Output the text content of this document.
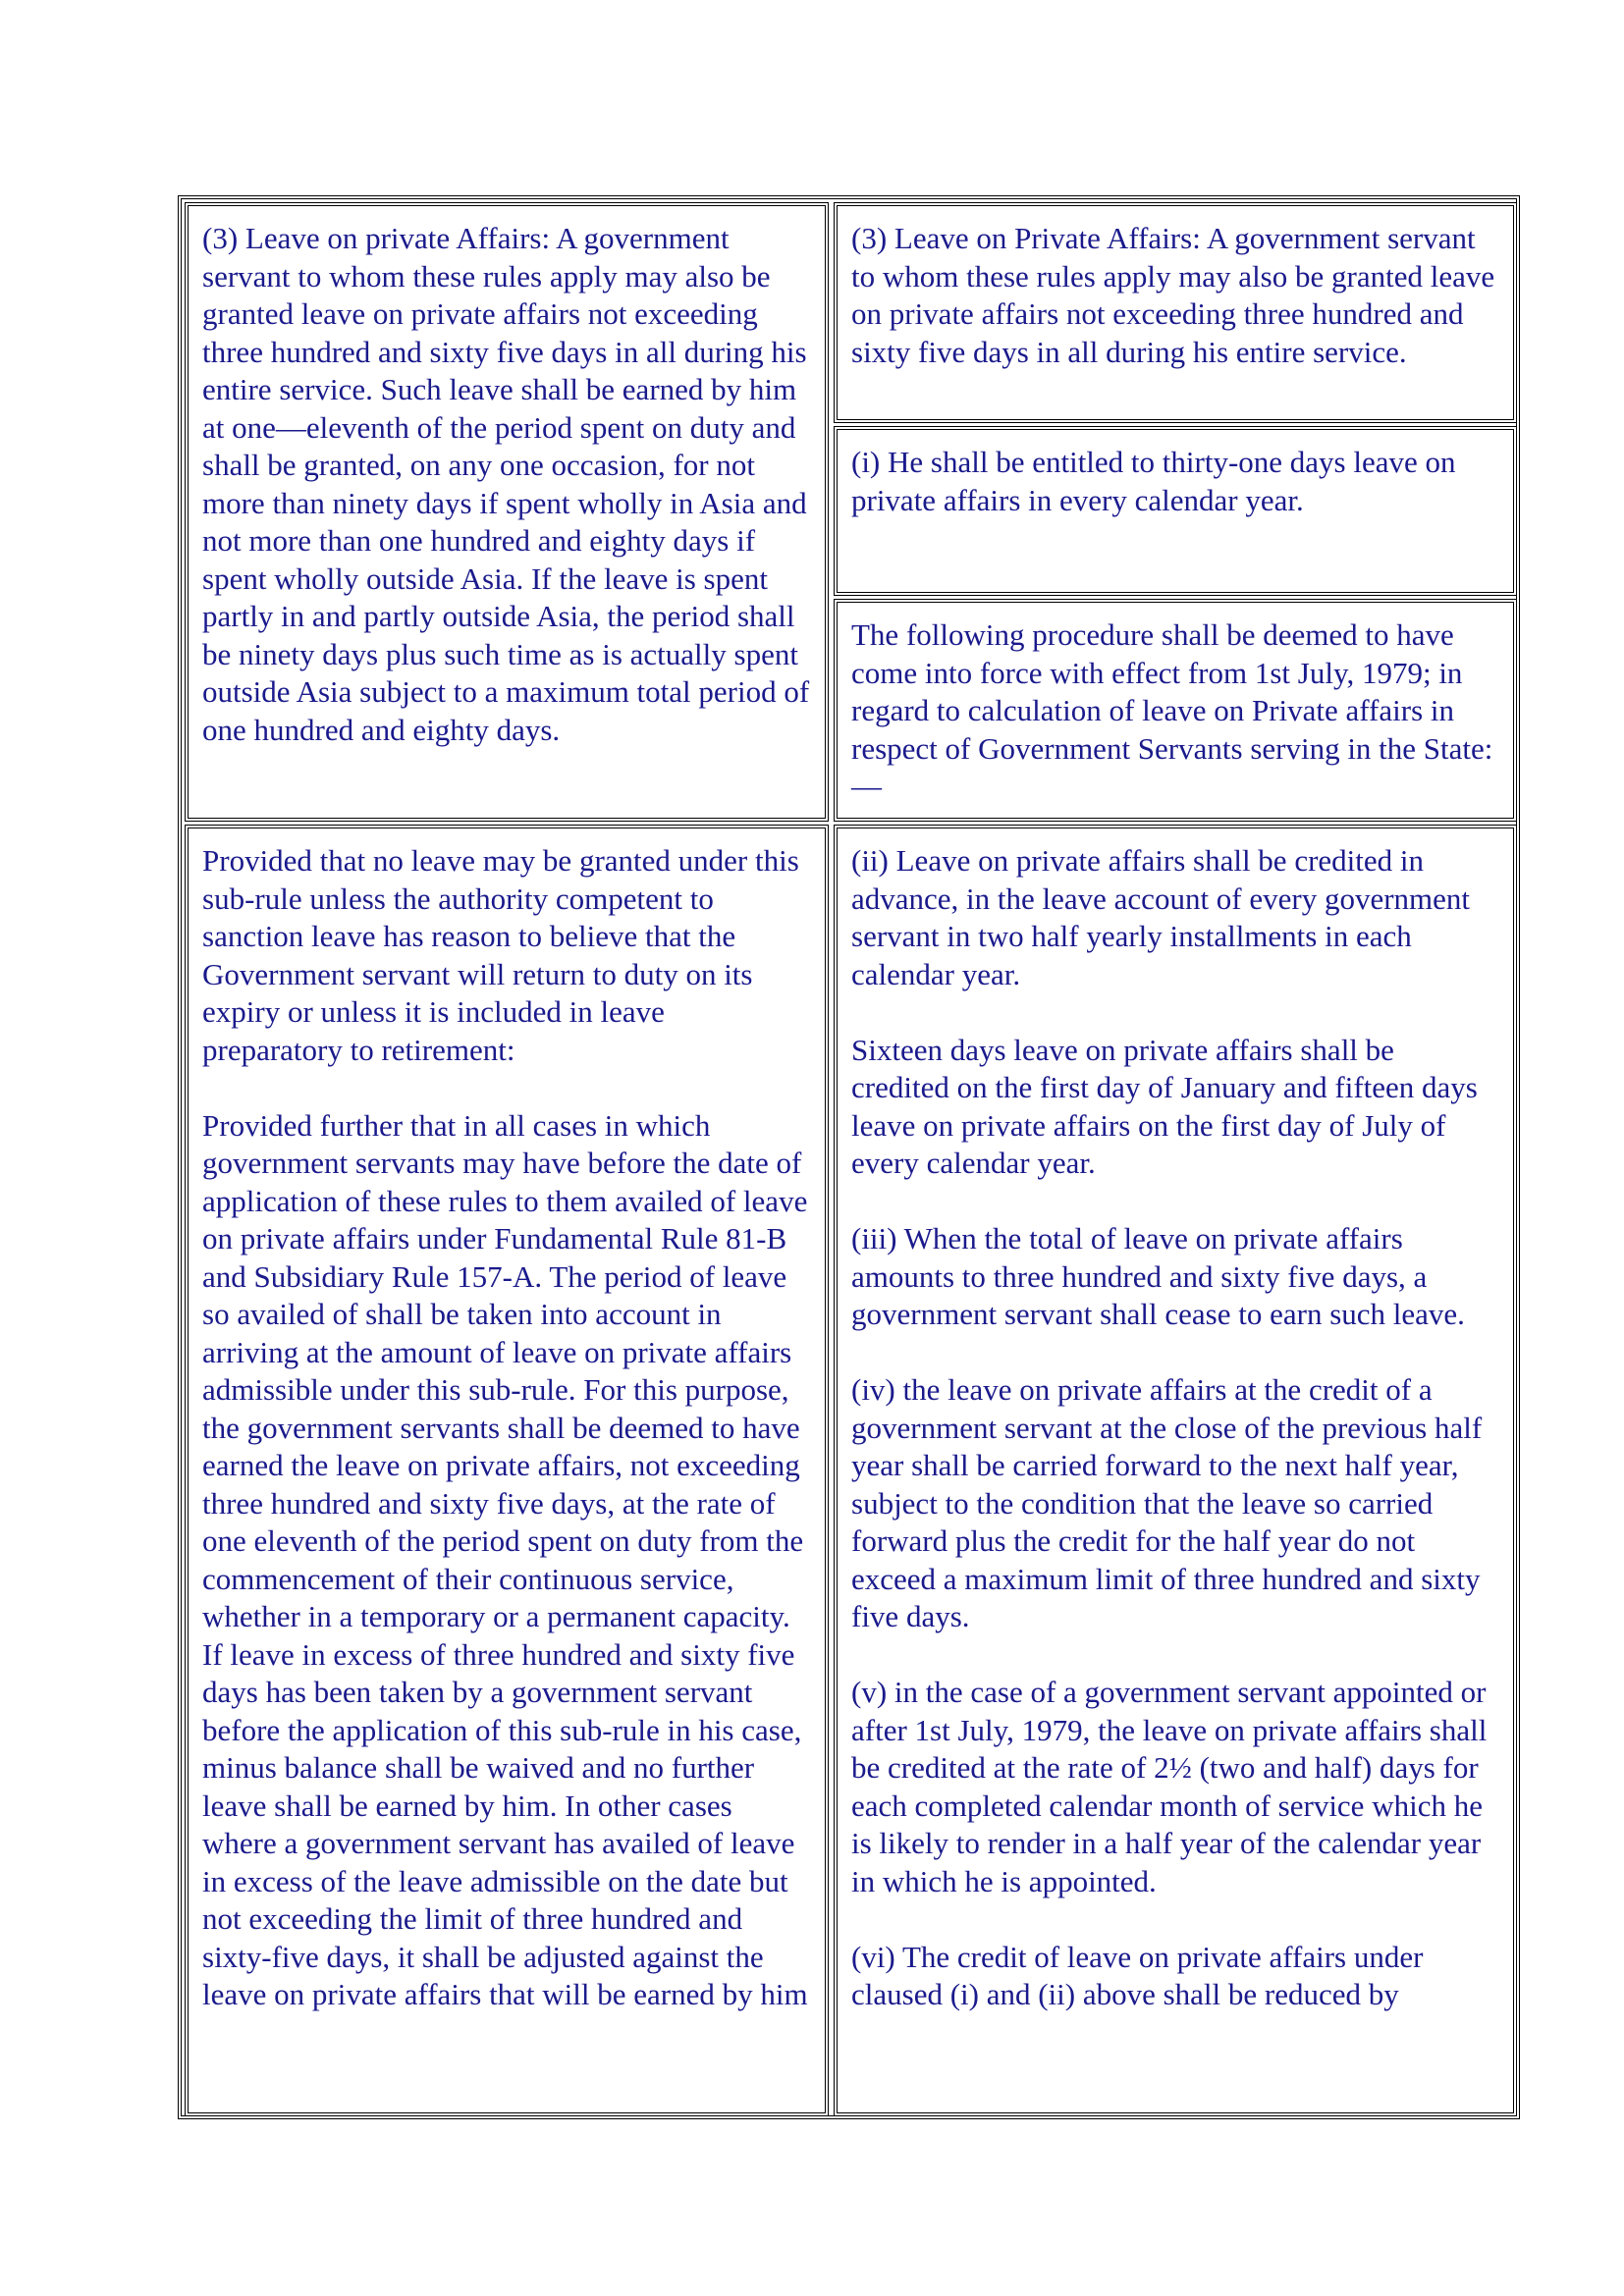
(3) Leave on private Affairs: A government servant to whom these rules apply may also be granted leave on private affairs not exceeding three hundred and sixty five days in all during his entire service. Such leave shall be earned by him at one—eleventh of the period spent on duty and shall be granted, on any one occasion, for not more than ninety days if spent wholly in Asia and not more than one hundred and eighty days if spent wholly outside Asia. If the leave is spent partly in and partly outside Asia, the period shall be ninety days plus such time as is actually spent outside Asia subject to a maximum total period of one hundred and eighty days.

(3) Leave on Private Affairs: A government servant to whom these rules apply may also be granted leave on private affairs not exceeding three hundred and sixty five days in all during his entire service.

(i) He shall be entitled to thirty-one days leave on private affairs in every calendar year.

The following procedure shall be deemed to have come into force with effect from 1st July, 1979; in regard to calculation of leave on Private affairs in respect of Government Servants serving in the State:—

Provided that no leave may be granted under this sub-rule unless the authority competent to sanction leave has reason to believe that the Government servant will return to duty on its expiry or unless it is included in leave preparatory to retirement:

Provided further that in all cases in which government servants may have before the date of application of these rules to them availed of leave on private affairs under Fundamental Rule 81-B and Subsidiary Rule 157-A. The period of leave so availed of shall be taken into account in arriving at the amount of leave on private affairs admissible under this sub-rule. For this purpose, the government servants shall be deemed to have earned the leave on private affairs, not exceeding three hundred and sixty five days, at the rate of one eleventh of the period spent on duty from the commencement of their continuous service, whether in a temporary or a permanent capacity. If leave in excess of three hundred and sixty five days has been taken by a government servant before the application of this sub-rule in his case, minus balance shall be waived and no further leave shall be earned by him. In other cases where a government servant has availed of leave in excess of the leave admissible on the date but not exceeding the limit of three hundred and sixty-five days, it shall be adjusted against the leave on private affairs that will be earned by him

(ii) Leave on private affairs shall be credited in advance, in the leave account of every government servant in two half yearly installments in each calendar year.

Sixteen days leave on private affairs shall be credited on the first day of January and fifteen days leave on private affairs on the first day of July of every calendar year.

(iii) When the total of leave on private affairs amounts to three hundred and sixty five days, a government servant shall cease to earn such leave.

(iv) the leave on private affairs at the credit of a government servant at the close of the previous half year shall be carried forward to the next half year, subject to the condition that the leave so carried forward plus the credit for the half year do not exceed a maximum limit of three hundred and sixty five days.

(v) in the case of a government servant appointed or after 1st July, 1979, the leave on private affairs shall be credited at the rate of 2½ (two and half) days for each completed calendar month of service which he is likely to render in a half year of the calendar year in which he is appointed.

(vi) The credit of leave on private affairs under claused (i) and (ii) above shall be reduced by
